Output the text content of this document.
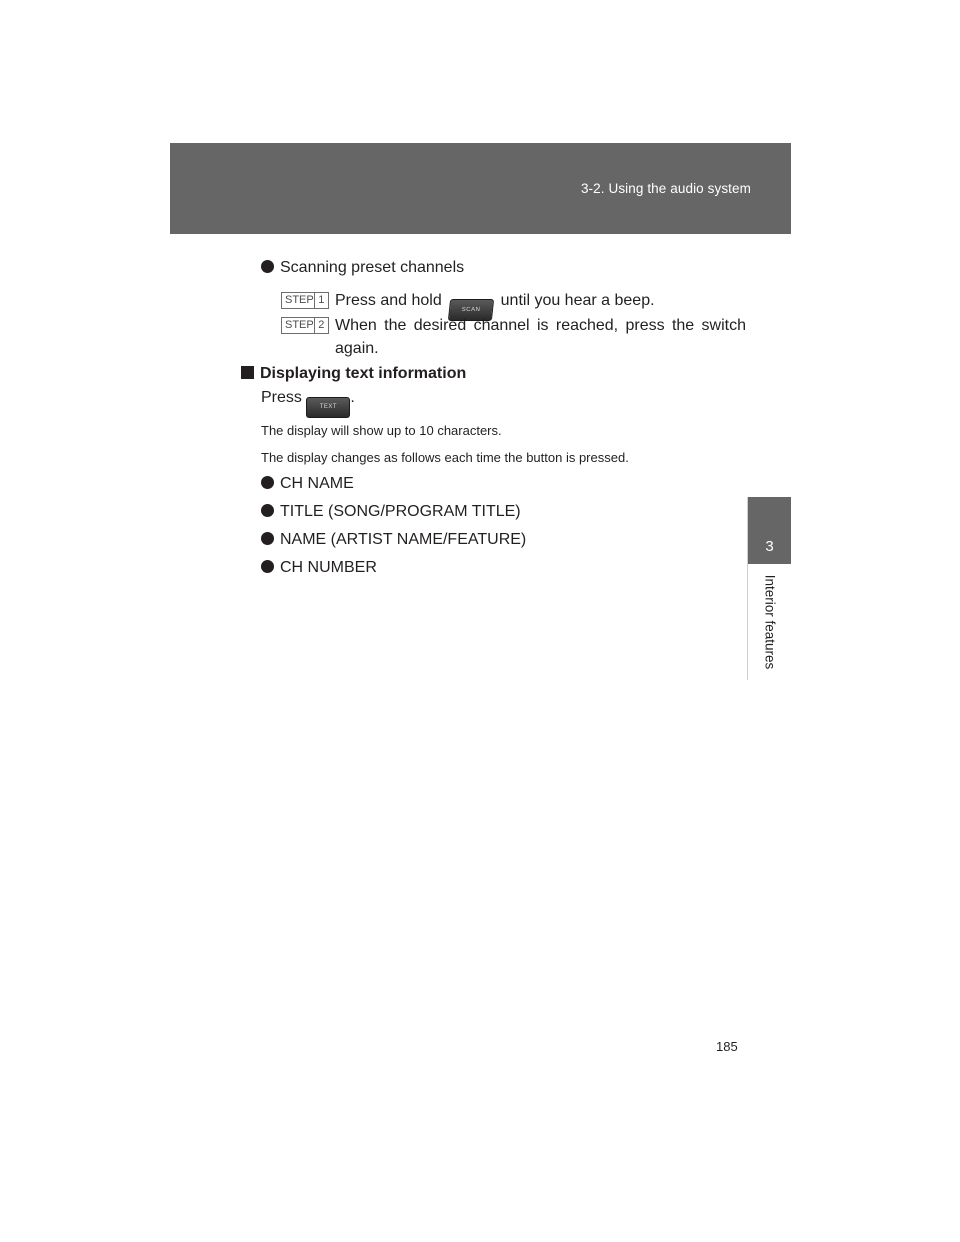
3-2. Using the audio system
3
Interior features
Scanning preset channels
STEP 1 Press and hold SCAN until you hear a beep.
STEP 2 When the desired channel is reached, press the switch again.
Displaying text information
Press TEXT.
The display will show up to 10 characters.
The display changes as follows each time the button is pressed.
CH NAME
TITLE (SONG/PROGRAM TITLE)
NAME (ARTIST NAME/FEATURE)
CH NUMBER
185
